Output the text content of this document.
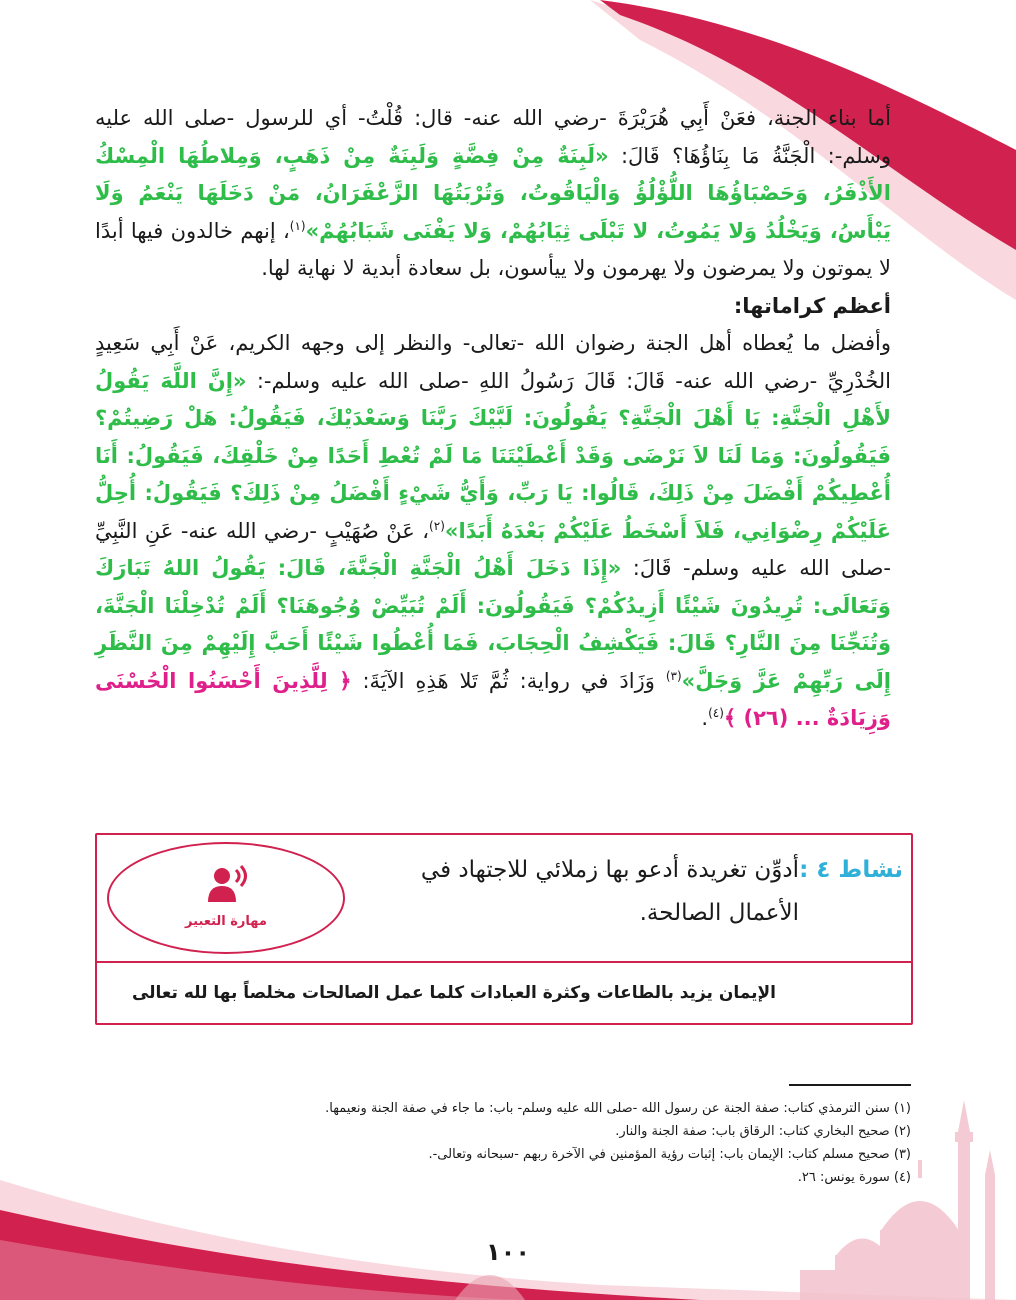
أما بناء الجنة، فعَنْ أَبِي هُرَيْرَةَ -رضي الله عنه- قال: قُلْتُ- أي للرسول -صلى الله عليه وسلم-: الْجَنَّةُ مَا بِنَاؤُهَا؟ قَالَ: «لَبِنَةٌ مِنْ فِضَّةٍ وَلَبِنَةٌ مِنْ ذَهَبٍ، وَمِلاطُهَا الْمِسْكُ الأَذْفَرُ، وَحَصْبَاؤُهَا اللُّؤْلُؤُ وَالْيَاقُوتُ، وَتُرْبَتُهَا الزَّعْفَرَانُ، مَنْ دَخَلَهَا يَنْعَمُ وَلَا يَبْأَسُ، وَيَخْلُدُ وَلا يَمُوتُ، لا تَبْلَى ثِيَابُهُمْ، وَلا يَفْنَى شَبَابُهُمْ»$^{(١)}$، إنهم خالدون فيها أبدًا لا يموتون ولا يمرضون ولا يهرمون ولا ييأسون، بل سعادة أبدية لا نهاية لها.

أعظم كراماتها:

وأفضل ما يُعطاه أهل الجنة رضوان الله -تعالى- والنظر إلى وجهه الكريم، عَنْ أَبِي سَعِيدٍ الخُدْرِيِّ -رضي الله عنه- قَالَ: قَالَ رَسُولُ اللهِ -صلى الله عليه وسلم-: «إِنَّ اللَّهَ يَقُولُ لأَهْلِ الْجَنَّةِ: يَا أَهْلَ الْجَنَّةِ؟ يَقُولُونَ: لَبَّيْكَ رَبَّنَا وَسَعْدَيْكَ، فَيَقُولُ: هَلْ رَضِيتُمْ؟ فَيَقُولُونَ: وَمَا لَنَا لاَ نَرْضَى وَقَدْ أَعْطَيْتَنَا مَا لَمْ تُعْطِ أَحَدًا مِنْ خَلْقِكَ، فَيَقُولُ: أَنَا أُعْطِيكُمْ أَفْضَلَ مِنْ ذَلِكَ، قَالُوا: يَا رَبِّ، وَأَيُّ شَيْءٍ أَفْضَلُ مِنْ ذَلِكَ؟ فَيَقُولُ: أُحِلُّ عَلَيْكُمْ رِضْوَانِي، فَلاَ أَسْخَطُ عَلَيْكُمْ بَعْدَهُ أَبَدًا»$^{(٢)}$، عَنْ صُهَيْبٍ -رضي الله عنه- عَنِ النَّبِيِّ -صلى الله عليه وسلم- قَالَ: «إِذَا دَخَلَ أَهْلُ الْجَنَّةِ الْجَنَّةَ، قَالَ: يَقُولُ اللهُ تَبَارَكَ وَتَعَالَى: تُرِيدُونَ شَيْئًا أَزِيدُكُمْ؟ فَيَقُولُونَ: أَلَمْ تُبَيِّضْ وُجُوهَنَا؟ أَلَمْ تُدْخِلْنَا الْجَنَّةَ، وَتُنَجِّنَا مِنَ النَّارِ؟ قَالَ: فَيَكْشِفُ الْحِجَابَ، فَمَا أُعْطُوا شَيْئًا أَحَبَّ إِلَيْهِمْ مِنَ النَّظَرِ إِلَى رَبِّهِمْ عَزَّ وَجَلَّ»$^{(٣)}$ وَزَادَ في رواية: ثُمَّ تَلا هَذِهِ الآيَةَ: ﴿ لِلَّذِينَ أَحْسَنُوا الْحُسْنَى وَزِيَادَةٌ ... (٢٦) ﴾$^{(٤)}$.

نشاط ٤ :
أدوِّن تغريدة أدعو بها زملائي للاجتهاد في الأعمال الصالحة.
مهارة التعبير
الإيمان يزيد بالطاعات وكثرة العبادات كلما عمل الصالحات مخلصاً بها لله تعالى
(١) سنن الترمذي كتاب: صفة الجنة عن رسول الله -صلى الله عليه وسلم- باب: ما جاء في صفة الجنة ونعيمها.
(٢) صحيح البخاري كتاب: الرقاق باب: صفة الجنة والنار.
(٣) صحيح مسلم كتاب: الإيمان باب: إثبات رؤية المؤمنين في الآخرة ربهم -سبحانه وتعالى-.
(٤) سورة يونس: ٢٦.
١٠٠
